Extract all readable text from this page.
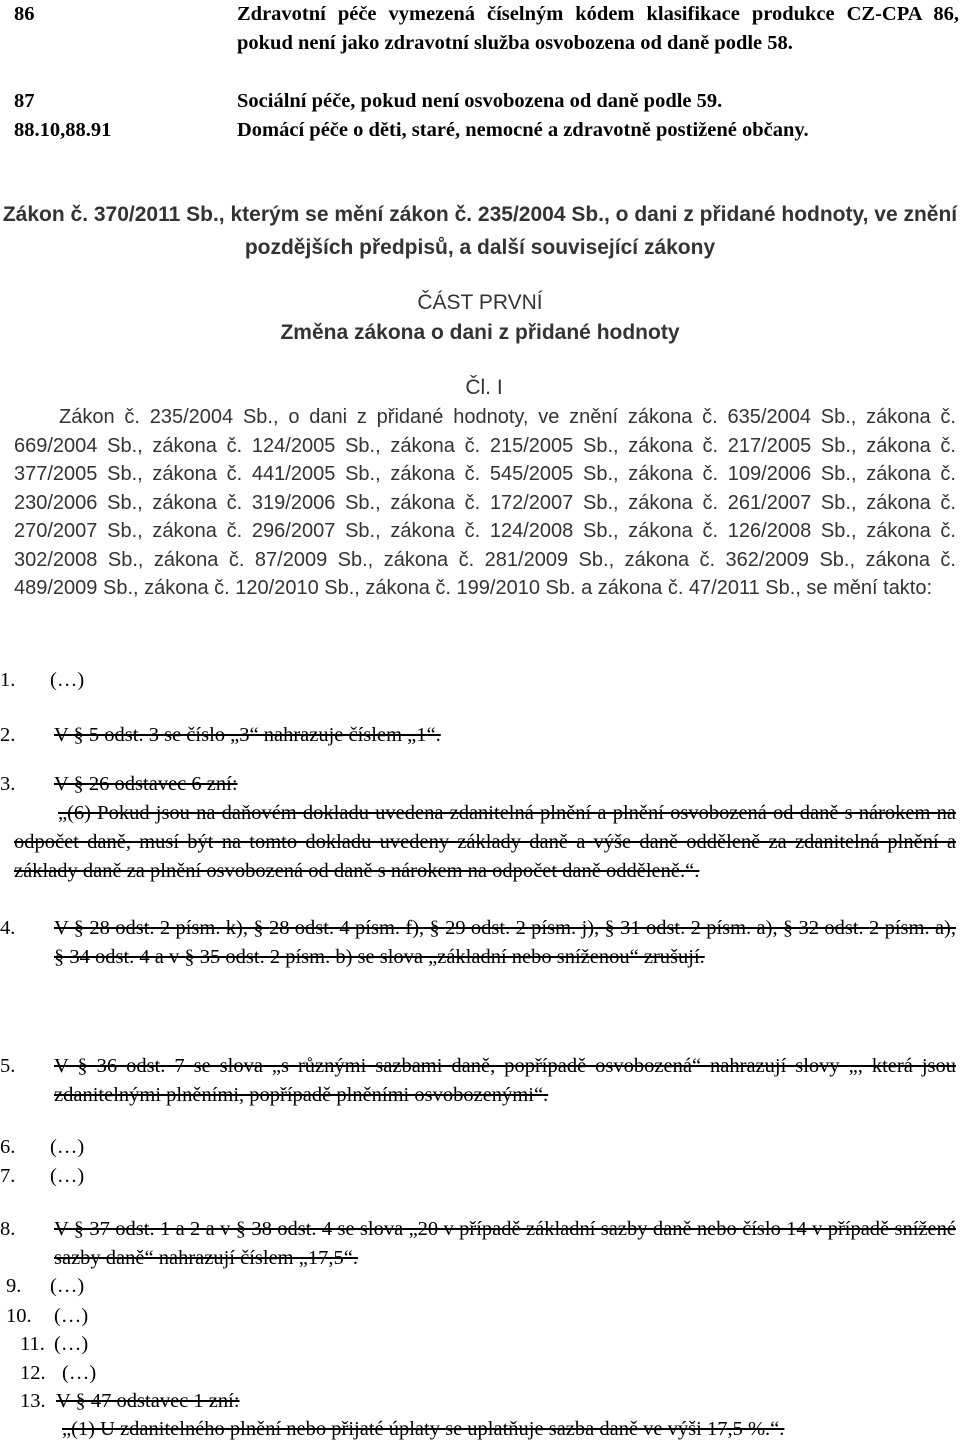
86	Zdravotní péče vymezená číselným kódem klasifikace produkce CZ-CPA 86, pokud není jako zdravotní služba osvobozena od daně podle 58.
87	Sociální péče, pokud není osvobozena od daně podle 59.
88.10,88.91	Domácí péče o děti, staré, nemocné a zdravotně postižené občany.
Zákon č. 370/2011 Sb., kterým se mění zákon č. 235/2004 Sb., o dani z přidané hodnoty, ve znění pozdějších předpisů, a další související zákony
ČÁST PRVNÍ
Změna zákona o dani z přidané hodnoty
Čl. I
Zákon č. 235/2004 Sb., o dani z přidané hodnoty, ve znění zákona č. 635/2004 Sb., zákona č. 669/2004 Sb., zákona č. 124/2005 Sb., zákona č. 215/2005 Sb., zákona č. 217/2005 Sb., zákona č. 377/2005 Sb., zákona č. 441/2005 Sb., zákona č. 545/2005 Sb., zákona č. 109/2006 Sb., zákona č. 230/2006 Sb., zákona č. 319/2006 Sb., zákona č. 172/2007 Sb., zákona č. 261/2007 Sb., zákona č. 270/2007 Sb., zákona č. 296/2007 Sb., zákona č. 124/2008 Sb., zákona č. 126/2008 Sb., zákona č. 302/2008 Sb., zákona č. 87/2009 Sb., zákona č. 281/2009 Sb., zákona č. 362/2009 Sb., zákona č. 489/2009 Sb., zákona č. 120/2010 Sb., zákona č. 199/2010 Sb. a zákona č. 47/2011 Sb., se mění takto:
1. (…)
2. V § 5 odst. 3 se číslo „3“ nahrazuje číslem „1“.
3. V § 26 odstavec 6 zní:
„(6) Pokud jsou na daňovém dokladu uvedena zdanitelná plnění a plnění osvobozená od daně s nárokem na odpočet daně, musí být na tomto dokladu uvedeny základy daně a výše daně odděleně za zdanitelná plnění a základy daně za plnění osvobozená od daně s nárokem na odpočet daně odděleně.“.
4. V § 28 odst. 2 písm. k), § 28 odst. 4 písm. f), § 29 odst. 2 písm. j), § 31 odst. 2 písm. a), § 32 odst. 2 písm. a), § 34 odst. 4 a v § 35 odst. 2 písm. b) se slova „základní nebo sníženou“ zrušují.
5. V § 36 odst. 7 se slova „s různými sazbami daně, popřípadě osvobozená“ nahrazují slovy „, která jsou zdanitelnými plněními, popřípadě plněními osvobozenými“.
6. (…)
7. (…)
8. V § 37 odst. 1 a 2 a v § 38 odst. 4 se slova „20 v případě základní sazby daně nebo číslo 14 v případě snížené sazby daně“ nahrazují číslem „17,5“.
9. (…)
10. (…)
11. (…)
12. (…)
13. V § 47 odstavec 1 zní:
„(1) U zdanitelného plnění nebo přijaté úplaty se uplatňuje sazba daně ve výši 17,5 %.“.
